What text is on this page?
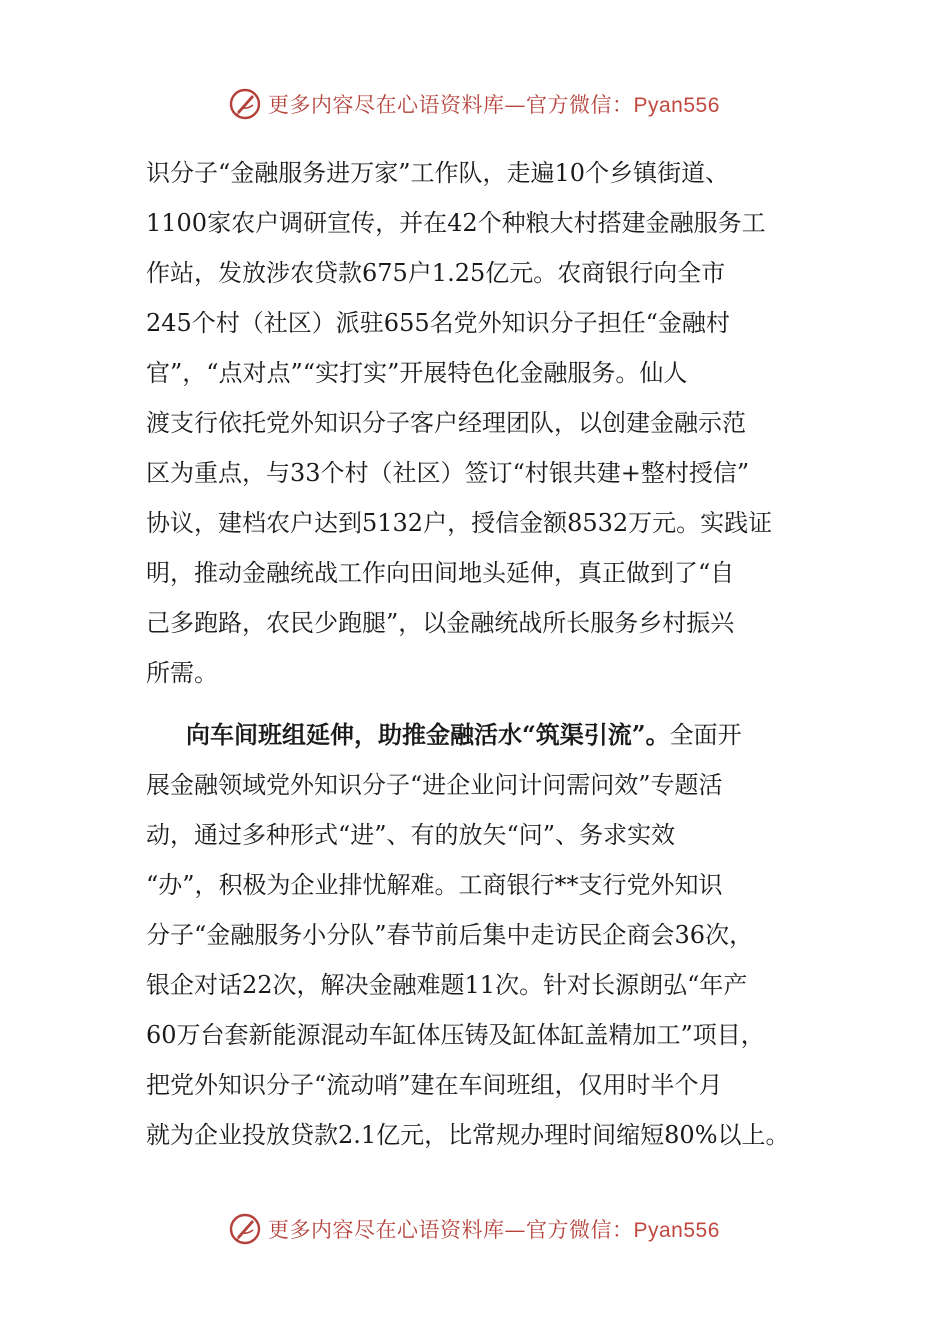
更多内容尽在心语资料库—官方微信：Pyan556
识分子“金融服务进万家”工作队，走遍10个乡镇街道、
1100家农户调研宣传，并在42个种粮大村搭建金融服务工
作站，发放涉农贷款675户1.25亿元。农商银行向全市
245个村（社区）派驻655名党外知识分子担任“金融村
官”，“点对点”“实打实”开展特色化金融服务。仙人
渡支行依托党外知识分子客户经理团队，以创建金融示范
区为重点，与33个村（社区）签订“村银共建+整村授信”
协议，建档农户达到5132户，授信金额8532万元。实践证
明，推动金融统战工作向田间地头延伸，真正做到了“自
己多跑路，农民少跑腿”，以金融统战所长服务乡村振兴
所需。
向车间班组延伸，助推金融活水“筑渠引流”。全面开
展金融领域党外知识分子“进企业问计问需问效”专题活
动，通过多种形式“进”、有的放矢“问”、务求实效
“办”，积极为企业排忧解难。工商银行**支行党外知识
分子“金融服务小分队”春节前后集中走访民企商会36次，
银企对话22次，解决金融难题11次。针对长源朗弘“年产
60万台套新能源混动车缸体压铸及缸体缸盖精加工”项目，
把党外知识分子“流动哨”建在车间班组，仅用时半个月
就为企业投放贷款2.1亿元，比常规办理时间缩短80%以上。
更多内容尽在心语资料库—官方微信：Pyan556
